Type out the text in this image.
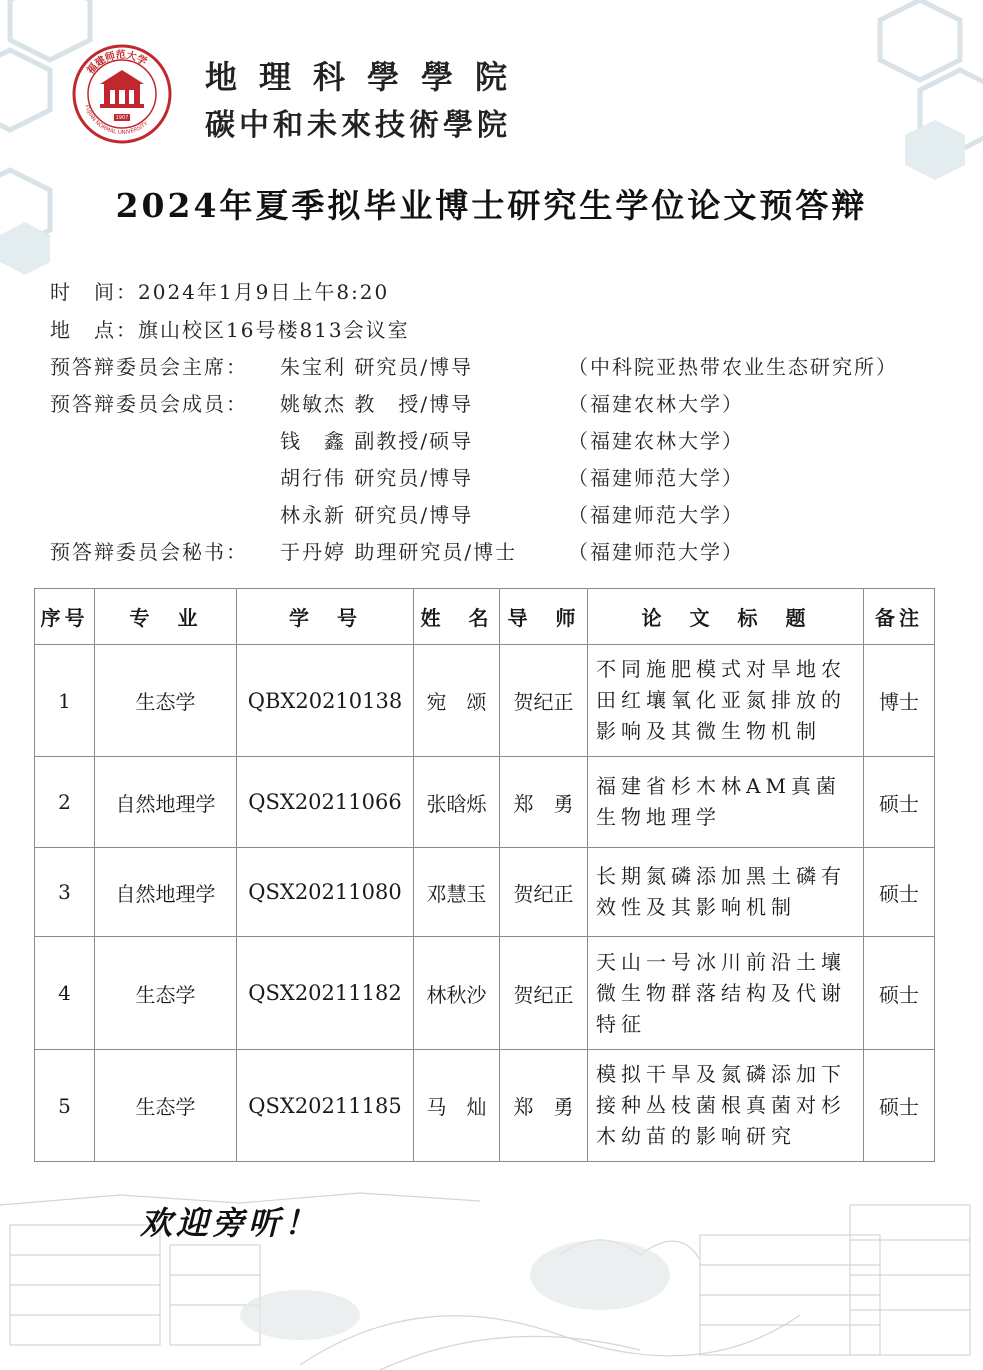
福建师范大学
FUJIAN NORMAL UNIVERSITY
1907
地理科學學院
碳中和未來技術學院
2024年夏季拟毕业博士研究生学位论文预答辩
时　间：2024年1月9日上午8:20
地　点：旗山校区16号楼813会议室
预答辩委员会主席： 朱宝利 研究员/博导	（中科院亚热带农业生态研究所）
预答辩委员会成员： 姚敏杰 教　授/博导	（福建农林大学）
钱　鑫 副教授/硕导	（福建农林大学）
胡行伟 研究员/博导	（福建师范大学）
林永新 研究员/博导	（福建师范大学）
预答辩委员会秘书： 于丹婷 助理研究员/博士	（福建师范大学）
序号	专　业	学　号	姓　名	导　师	论　文　标　题	备注
1	生态学	QBX20210138	宛　颂	贺纪正	不同施肥模式对旱地农田红壤氧化亚氮排放的影响及其微生物机制	博士
2	自然地理学	QSX20211066	张晗烁	郑　勇	福建省杉木林AM真菌生物地理学	硕士
3	自然地理学	QSX20211080	邓慧玉	贺纪正	长期氮磷添加黑土磷有效性及其影响机制	硕士
4	生态学	QSX20211182	林秋沙	贺纪正	天山一号冰川前沿土壤微生物群落结构及代谢特征	硕士
5	生态学	QSX20211185	马　灿	郑　勇	模拟干旱及氮磷添加下接种丛枝菌根真菌对杉木幼苗的影响研究	硕士
欢迎旁听！
